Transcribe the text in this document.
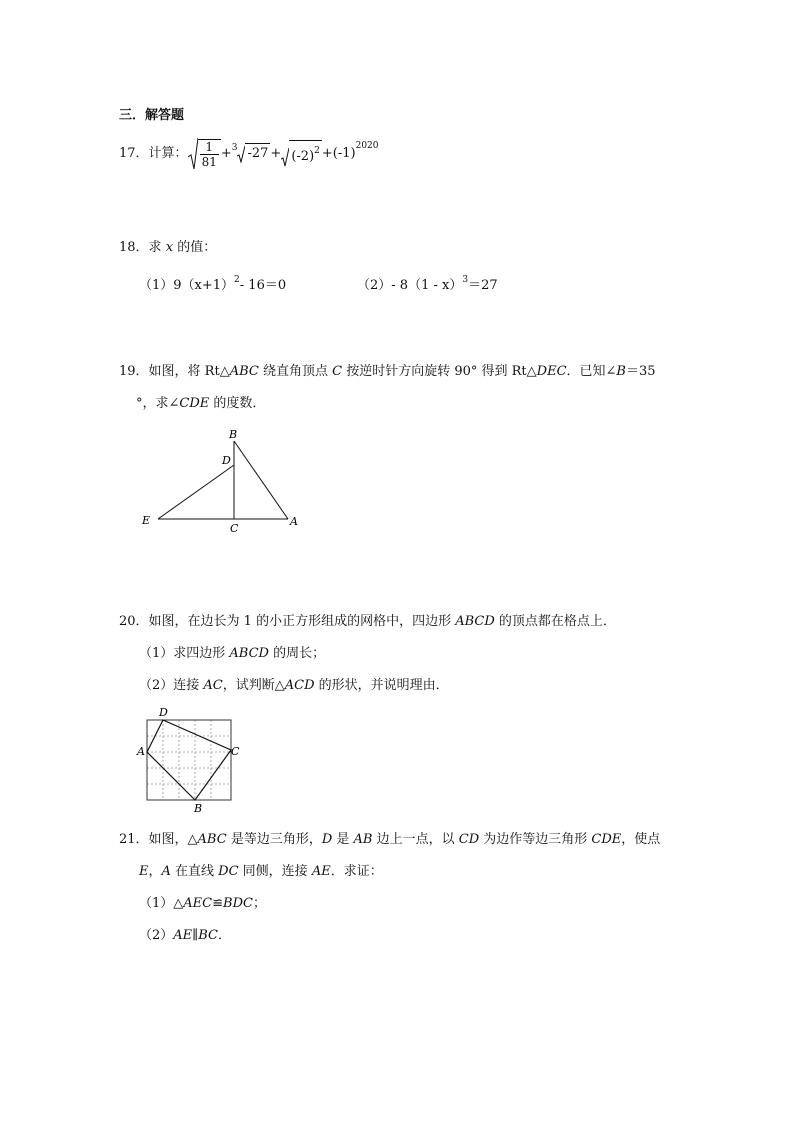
三．解答题
17．计算： $\frac{1}{81} +^3$ $-27 + (-2)^2 +(-1)^{2020}$
18．求 x 的值：
$(1)9(x+1)^2-$ 16＝0	（2）- 8（1 - x）$^3$＝27
19．如图，将 Rt△ABC 绕直角顶点 C 按逆时针方向旋转 90° 得到 Rt△DEC．已知∠B＝35
°，求∠CDE 的度数．
B
D
E
C
A
20．如图，在边长为 1 的小正方形组成的网格中，四边形 ABCD 的顶点都在格点上．
（1）求四边形 ABCD 的周长；
（2）连接 AC，试判断△ACD 的形状，并说明理由．
D
A	C
B
21．如图，△ABC 是等边三角形，D 是 AB 边上一点，以 CD 为边作等边三角形 CDE，使点
E，A 在直线 DC 同侧，连接 AE．求证：
（1）△AEC≌BDC；
（2）AE∥BC．
